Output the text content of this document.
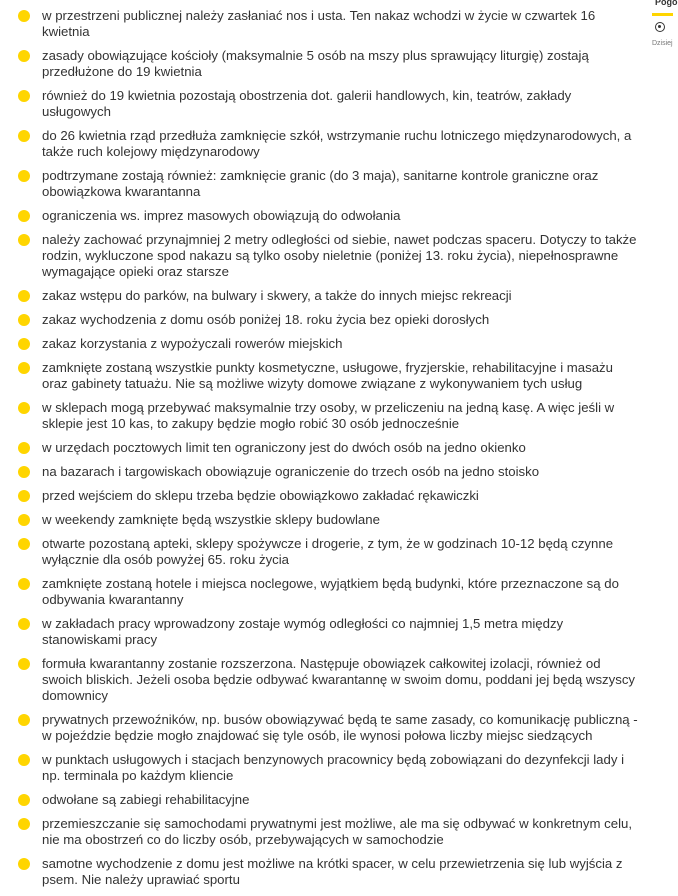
w przestrzeni publicznej należy zasłaniać nos i usta. Ten nakaz wchodzi w życie w czwartek 16 kwietnia
zasady obowiązujące kościoły (maksymalnie 5 osób na mszy plus sprawujący liturgię) zostają przedłużone do 19 kwietnia
również do 19 kwietnia pozostają obostrzenia dot. galerii handlowych, kin, teatrów, zakłady usługowych
do 26 kwietnia rząd przedłuża zamknięcie szkół, wstrzymanie ruchu lotniczego międzynarodowych, a także ruch kolejowy międzynarodowy
podtrzymane zostają również: zamknięcie granic (do 3 maja), sanitarne kontrole graniczne oraz obowiązkowa kwarantanna
ograniczenia ws. imprez masowych obowiązują do odwołania
należy zachować przynajmniej 2 metry odległości od siebie, nawet podczas spaceru. Dotyczy to także rodzin, wykluczone spod nakazu są tylko osoby nieletnie (poniżej 13. roku życia), niepełnosprawne wymagające opieki oraz starsze
zakaz wstępu do parków, na bulwary i skwery, a także do innych miejsc rekreacji
zakaz wychodzenia z domu osób poniżej 18. roku życia bez opieki dorosłych
zakaz korzystania z wypożyczali rowerów miejskich
zamknięte zostaną wszystkie punkty kosmetyczne, usługowe, fryzjerskie, rehabilitacyjne i masażu oraz gabinety tatuażu. Nie są możliwe wizyty domowe związane z wykonywaniem tych usług
w sklepach mogą przebywać maksymalnie trzy osoby, w przeliczeniu na jedną kasę. A więc jeśli w sklepie jest 10 kas, to zakupy będzie mogło robić 30 osób jednocześnie
w urzędach pocztowych limit ten ograniczony jest do dwóch osób na jedno okienko
na bazarach i targowiskach obowiązuje ograniczenie do trzech osób na jedno stoisko
przed wejściem do sklepu trzeba będzie obowiązkowo zakładać rękawiczki
w weekendy zamknięte będą wszystkie sklepy budowlane
otwarte pozostaną apteki, sklepy spożywcze i drogerie, z tym, że w godzinach 10-12 będą czynne wyłącznie dla osób powyżej 65. roku życia
zamknięte zostaną hotele i miejsca noclegowe, wyjątkiem będą budynki, które przeznaczone są do odbywania kwarantanny
w zakładach pracy wprowadzony zostaje wymóg odległości co najmniej 1,5 metra między stanowiskami pracy
formuła kwarantanny zostanie rozszerzona. Następuje obowiązek całkowitej izolacji, również od swoich bliskich. Jeżeli osoba będzie odbywać kwarantannę w swoim domu, poddani jej będą wszyscy domownicy
prywatnych przewoźników, np. busów obowiązywać będą te same zasady, co komunikację publiczną - w pojeździe będzie mogło znajdować się tyle osób, ile wynosi połowa liczby miejsc siedzących
w punktach usługowych i stacjach benzynowych pracownicy będą zobowiązani do dezynfekcji lady i np. terminala po każdym kliencie
odwołane są zabiegi rehabilitacyjne
przemieszczanie się samochodami prywatnymi jest możliwe, ale ma się odbywać w konkretnym celu, nie ma obostrzeń co do liczby osób, przebywających w samochodzie
samotne wychodzenie z domu jest możliwe na krótki spacer, w celu przewietrzenia się lub wyjścia z psem. Nie należy uprawiać sportu
Pogo
Dzisiej
